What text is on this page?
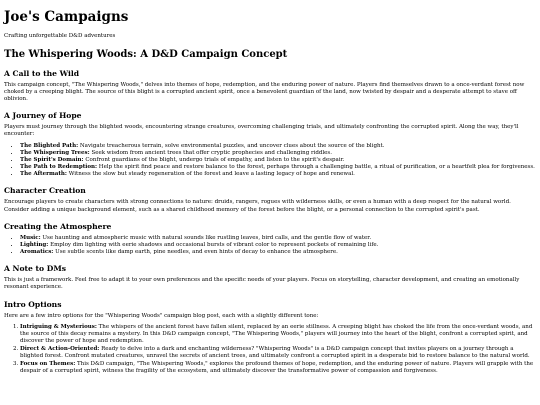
Joe's Campaigns

Crafting unforgettable D&D adventures

The Whispering Woods: A D&D Campaign Concept
A Call to the Wild

This campaign concept, "The Whispering Woods," delves into themes of hope, redemption, and the enduring power of nature. Players find themselves drawn to a once-verdant forest now choked by a creeping blight. The source of this blight is a corrupted ancient spirit, once a benevolent guardian of the land, now twisted by despair and a desperate attempt to stave off oblivion.

A Journey of Hope

Players must journey through the blighted woods, encountering strange creatures, overcoming challenging trials, and ultimately confronting the corrupted spirit. Along the way, they'll encounter:

• The Blighted Path: Navigate treacherous terrain, solve environmental puzzles, and uncover clues about the source of the blight.
• The Whispering Trees: Seek wisdom from ancient trees that offer cryptic prophecies and challenging riddles.
• The Spirit's Domain: Confront guardians of the blight, undergo trials of empathy, and listen to the spirit's despair.
• The Path to Redemption: Help the spirit find peace and restore balance to the forest, perhaps through a challenging battle, a ritual of purification, or a heartfelt plea for forgiveness.
• The Aftermath: Witness the slow but steady regeneration of the forest and leave a lasting legacy of hope and renewal.
Character Creation

Encourage players to create characters with strong connections to nature: druids, rangers, rogues with wilderness skills, or even a human with a deep respect for the natural world. Consider adding a unique background element, such as a shared childhood memory of the forest before the blight, or a personal connection to the corrupted spirit's past.

Creating the Atmosphere
• Music: Use haunting and atmospheric music with natural sounds like rustling leaves, bird calls, and the gentle flow of water.
• Lighting: Employ dim lighting with eerie shadows and occasional bursts of vibrant color to represent pockets of remaining life.
• Aromatics: Use subtle scents like damp earth, pine needles, and even hints of decay to enhance the atmosphere.
A Note to DMs

This is just a framework. Feel free to adapt it to your own preferences and the specific needs of your players. Focus on storytelling, character development, and creating an emotionally resonant experience.

Intro Options

Here are a few intro options for the "Whispering Woods" campaign blog post, each with a slightly different tone:

1. Intriguing & Mysterious: The whispers of the ancient forest have fallen silent, replaced by an eerie stillness. A creeping blight has choked the life from the once-verdant woods, and the source of this decay remains a mystery. In this D&D campaign concept, "The Whispering Woods," players will journey into the heart of the blight, confront a corrupted spirit, and discover the power of hope and redemption.
2. Direct & Action-Oriented: Ready to delve into a dark and enchanting wilderness? "Whispering Woods" is a D&D campaign concept that invites players on a journey through a blighted forest. Confront mutated creatures, unravel the secrets of ancient trees, and ultimately confront a corrupted spirit in a desperate bid to restore balance to the natural world.
3. Focus on Themes: This D&D campaign, "The Whispering Woods," explores the profound themes of hope, redemption, and the enduring power of nature. Players will grapple with the despair of a corrupted spirit, witness the fragility of the ecosystem, and ultimately discover the transformative power of compassion and forgiveness.
